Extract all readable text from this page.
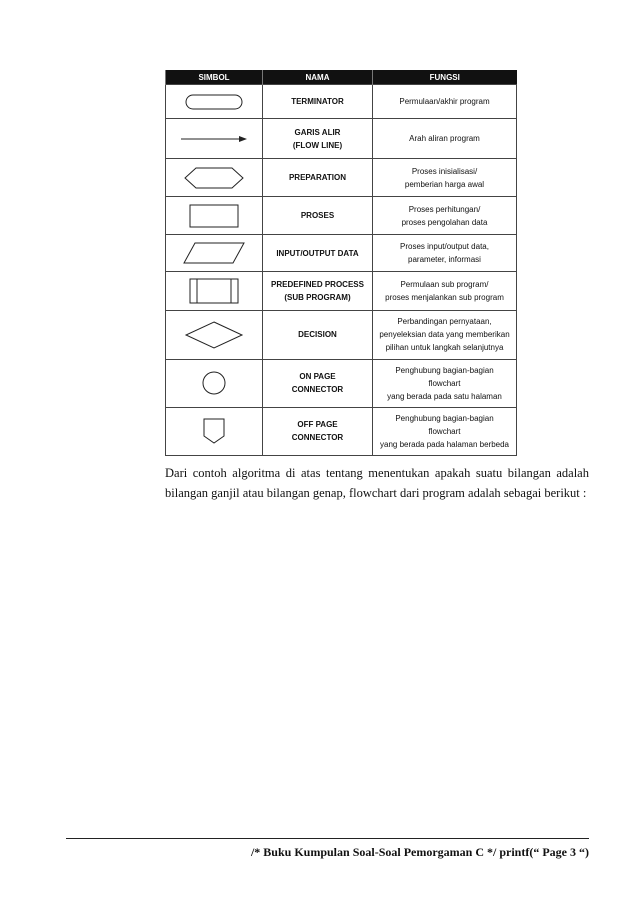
SIMBOL	NAMA	FUNGSI

TERMINATOR	Permulaan/akhir program

GARIS ALIR
(FLOW LINE)	Arah aliran program

PREPARATION	Proses inisialisasi/
pemberian harga awal

PROSES	Proses perhitungan/
proses pengolahan data

INPUT/OUTPUT DATA	Proses input/output data,
parameter, informasi

PREDEFINED PROCESS
(SUB PROGRAM)	Permulaan sub program/
proses menjalankan sub program

DECISION	Perbandingan pernyataan,
penyeleksian data yang memberikan
pilihan untuk langkah selanjutnya

ON PAGE
CONNECTOR	Penghubung bagian-bagian
flowchart
yang berada pada satu halaman

OFF PAGE
CONNECTOR	Penghubung bagian-bagian
flowchart
yang berada pada halaman berbeda

Dari contoh algoritma di atas tentang menentukan apakah suatu bilangan adalah bilangan ganjil atau bilangan genap, flowchart dari program adalah sebagai berikut :

/* Buku Kumpulan Soal-Soal Pemorgaman C */ printf(“ Page 3 “)
